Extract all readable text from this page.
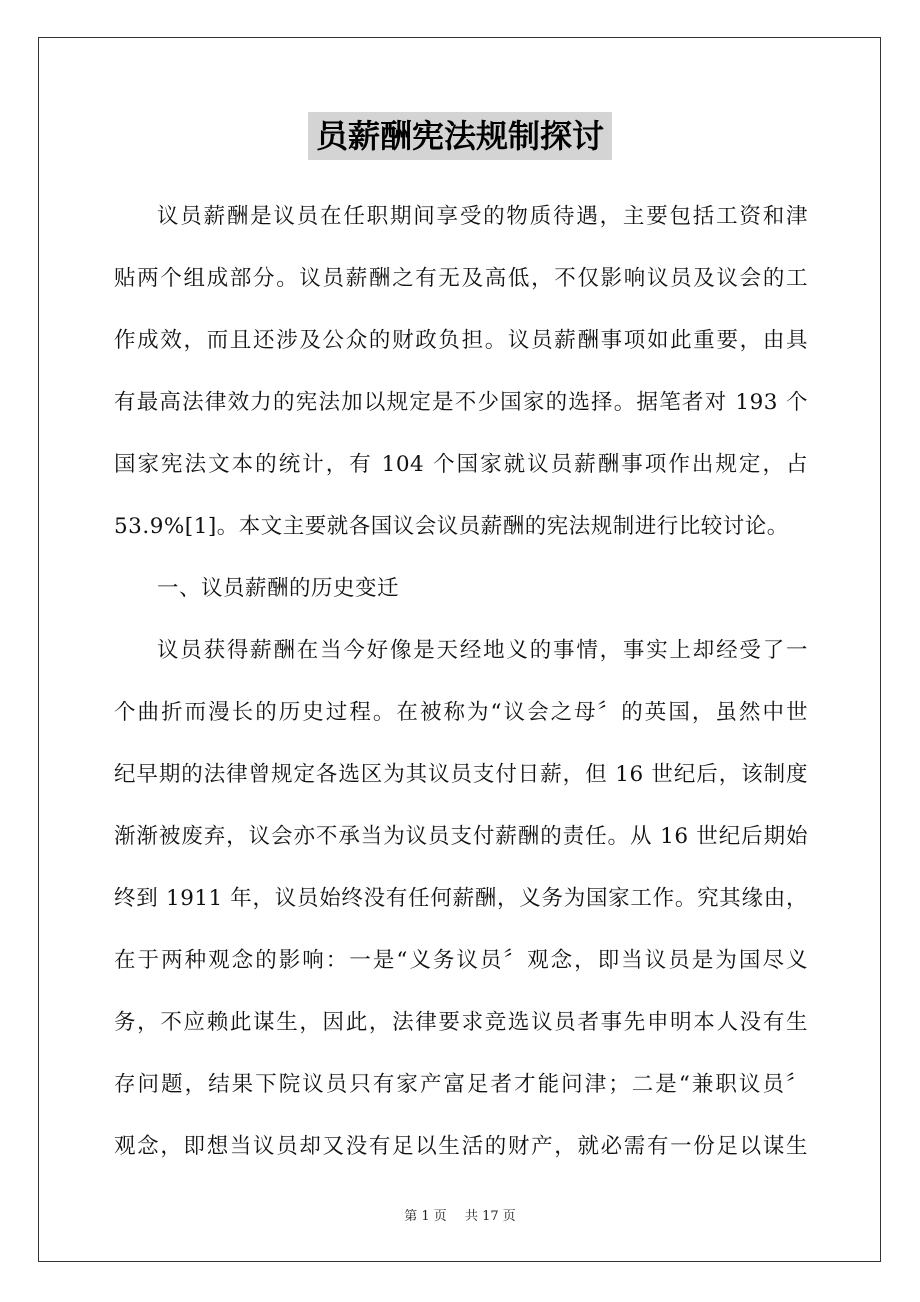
员薪酬宪法规制探讨
议员薪酬是议员在任职期间享受的物质待遇，主要包括工资和津
贴两个组成部分。议员薪酬之有无及高低，不仅影响议员及议会的工
作成效，而且还涉及公众的财政负担。议员薪酬事项如此重要，由具
有最高法律效力的宪法加以规定是不少国家的选择。据笔者对 193 个
国家宪法文本的统计，有 104 个国家就议员薪酬事项作出规定，占
53.9%[1]。本文主要就各国议会议员薪酬的宪法规制进行比较讨论。
一、议员薪酬的历史变迁
议员获得薪酬在当今好像是天经地义的事情，事实上却经受了一
个曲折而漫长的历史过程。在被称为“议会之母〞的英国，虽然中世
纪早期的法律曾规定各选区为其议员支付日薪，但 16 世纪后，该制度
渐渐被废弃，议会亦不承当为议员支付薪酬的责任。从 16 世纪后期始
终到 1911 年，议员始终没有任何薪酬，义务为国家工作。究其缘由，
在于两种观念的影响：一是“义务议员〞观念，即当议员是为国尽义
务，不应赖此谋生，因此，法律要求竞选议员者事先申明本人没有生
存问题，结果下院议员只有家产富足者才能问津；二是“兼职议员〞
观念，即想当议员却又没有足以生活的财产，就必需有一份足以谋生
第 1 页 共 17 页
